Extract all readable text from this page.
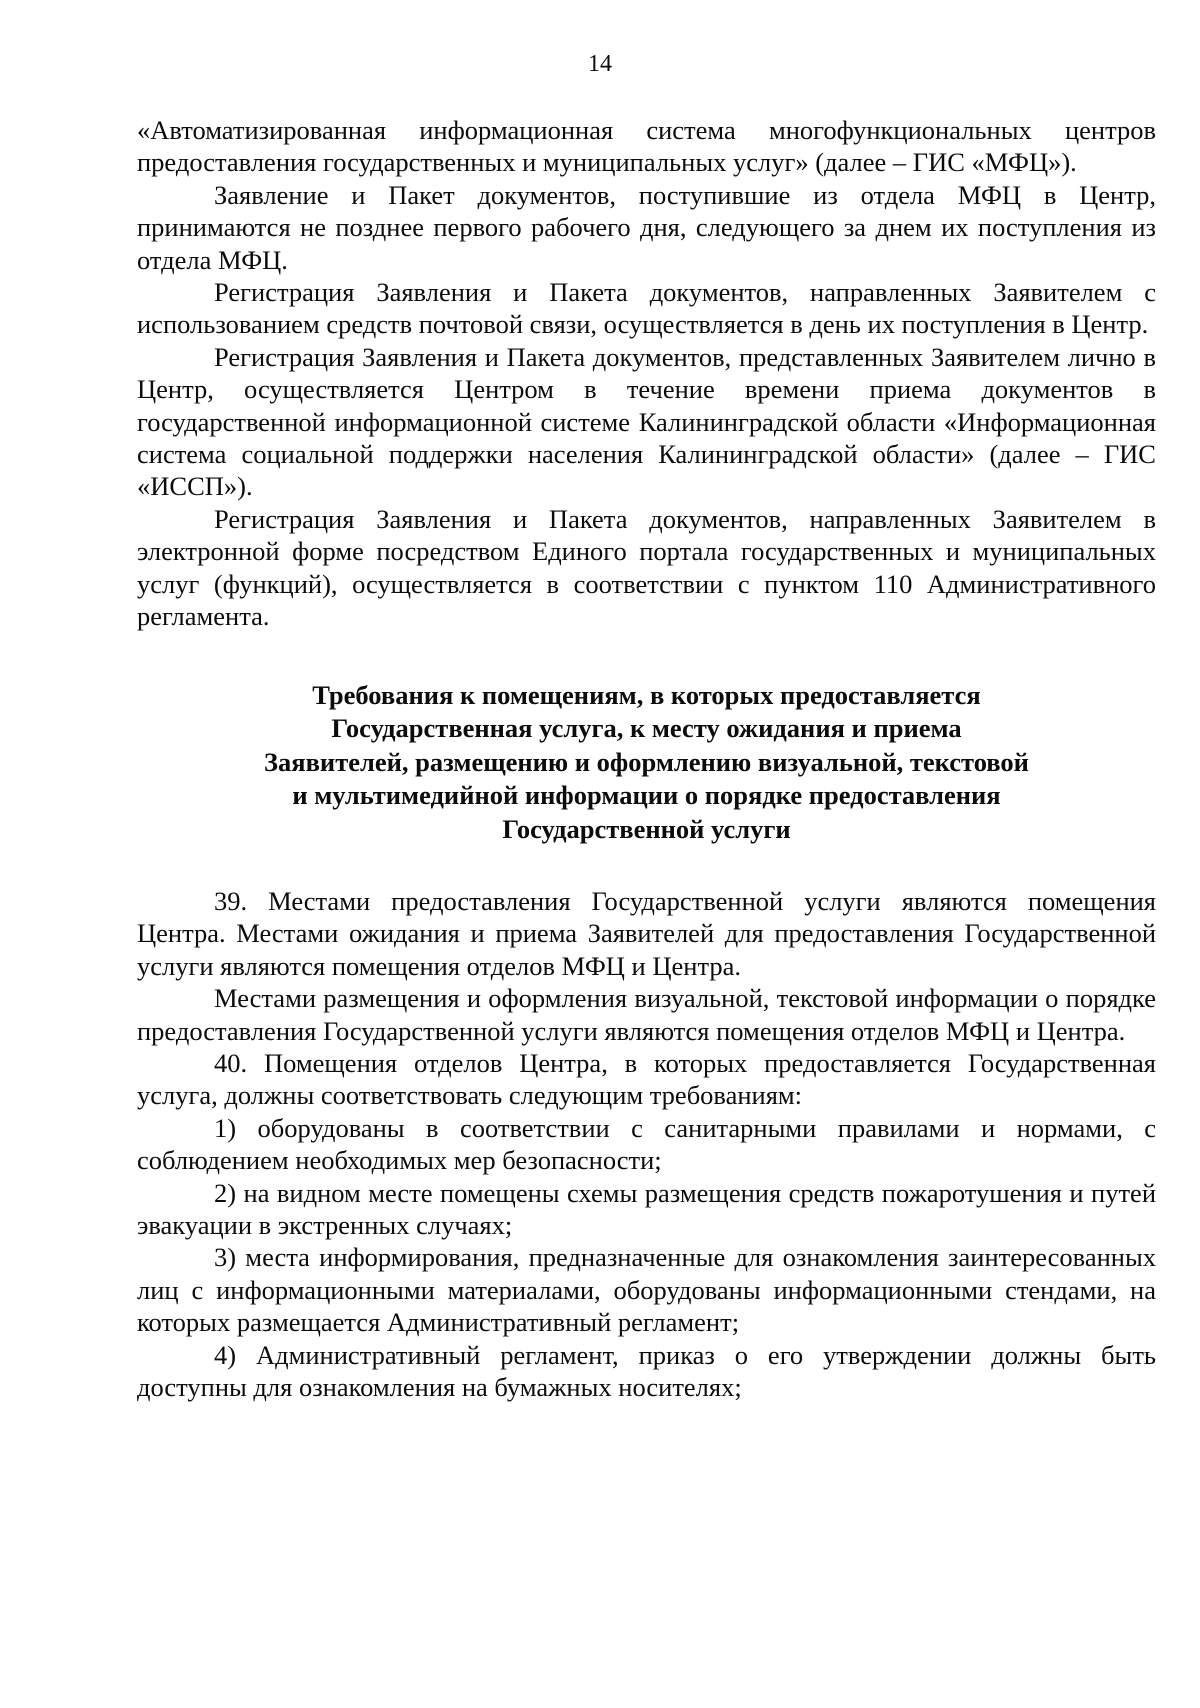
14

«Автоматизированная информационная система многофункциональных центров предоставления государственных и муниципальных услуг» (далее – ГИС «МФЦ»).

Заявление и Пакет документов, поступившие из отдела МФЦ в Центр, принимаются не позднее первого рабочего дня, следующего за днем их поступления из отдела МФЦ.

Регистрация Заявления и Пакета документов, направленных Заявителем с использованием средств почтовой связи, осуществляется в день их поступления в Центр.

Регистрация Заявления и Пакета документов, представленных Заявителем лично в Центр, осуществляется Центром в течение времени приема документов в государственной информационной системе Калининградской области «Информационная система социальной поддержки населения Калининградской области» (далее – ГИС «ИССП»).

Регистрация Заявления и Пакета документов, направленных Заявителем в электронной форме посредством Единого портала государственных и муниципальных услуг (функций), осуществляется в соответствии с пунктом 110 Административного регламента.

Требования к помещениям, в которых предоставляется
Государственная услуга, к месту ожидания и приема
Заявителей, размещению и оформлению визуальной, текстовой
и мультимедийной информации о порядке предоставления
Государственной услуги

39. Местами предоставления Государственной услуги являются помещения Центра. Местами ожидания и приема Заявителей для предоставления Государственной услуги являются помещения отделов МФЦ и Центра.

Местами размещения и оформления визуальной, текстовой информации о порядке предоставления Государственной услуги являются помещения отделов МФЦ и Центра.

40. Помещения отделов Центра, в которых предоставляется Государственная услуга, должны соответствовать следующим требованиям:

1) оборудованы в соответствии с санитарными правилами и нормами, с соблюдением необходимых мер безопасности;

2) на видном месте помещены схемы размещения средств пожаротушения и путей эвакуации в экстренных случаях;

3) места информирования, предназначенные для ознакомления заинтересованных лиц с информационными материалами, оборудованы информационными стендами, на которых размещается Административный регламент;

4) Административный регламент, приказ о его утверждении должны быть доступны для ознакомления на бумажных носителях;
